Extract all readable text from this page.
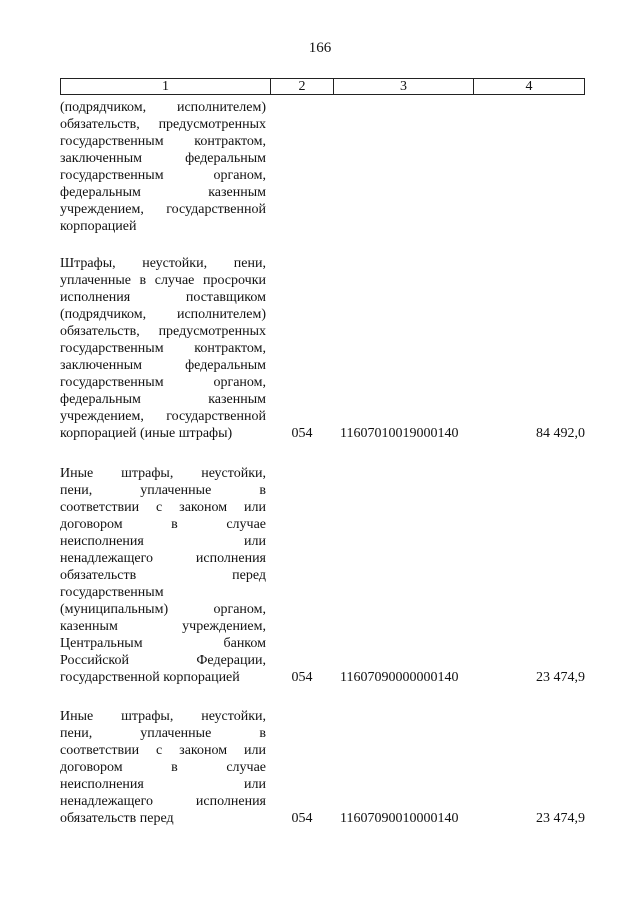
166
1	2	3	4
(подрядчиком, исполнителем)
обязательств, предусмотренных
государственным контрактом,
заключенным федеральным
государственным органом,
федеральным казенным
учреждением, государственной
корпорацией
Штрафы, неустойки, пени,
уплаченные в случае просрочки
исполнения поставщиком
(подрядчиком, исполнителем)
обязательств, предусмотренных
государственным контрактом,
заключенным федеральным
государственным органом,
федеральным казенным
учреждением, государственной
корпорацией (иные штрафы)	054	11607010019000140	84 492,0
Иные штрафы, неустойки,
пени, уплаченные в
соответствии с законом или
договором в случае
неисполнения или
ненадлежащего исполнения
обязательств перед
государственным
(муниципальным) органом,
казенным учреждением,
Центральным банком
Российской Федерации,
государственной корпорацией	054	11607090000000140	23 474,9
Иные штрафы, неустойки,
пени, уплаченные в
соответствии с законом или
договором в случае
неисполнения или
ненадлежащего исполнения
обязательств перед	054	11607090010000140	23 474,9
